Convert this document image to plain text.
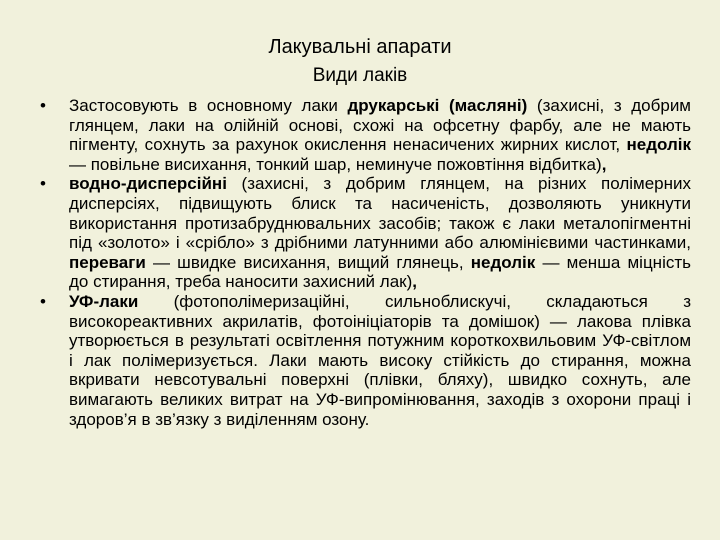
Лакувальні апарати
Види лаків
• Застосовують в основному лаки друкарські (масляні) (захисні, з добрим глянцем, лаки на олійній основі, схожі на офсетну фарбу, але не мають пігменту, сохнуть за рахунок окислення ненасичених жирних кислот, недолік — повільне висихання, тонкий шар, неминуче пожовтіння відбитка),
• водно-дисперсійні (захисні, з добрим глянцем, на різних полімерних дисперсіях, підвищують блиск та насиченість, дозволяють уникнути використання протизабруднювальних засобів; також є лаки металопігментні під «золото» і «срібло» з дрібними латунними або алюмінієвими частинками, переваги — швидке висихання, вищий глянець, недолік — менша міцність до стирання, треба наносити захисний лак),
• УФ-лаки (фотополімеризаційні, сильноблискучі, складаються з високореактивних акрилатів, фотоініціаторів та домішок) — лакова плівка утворюється в результаті освітлення потужним короткохвильовим УФ-світлом і лак полімеризується. Лаки мають високу стійкість до стирання, можна вкривати невсотувальні поверхні (плівки, бляху), швидко сохнуть, але вимагають великих витрат на УФ-випромінювання, заходів з охорони праці і здоров’я в зв’язку з виділенням озону.
